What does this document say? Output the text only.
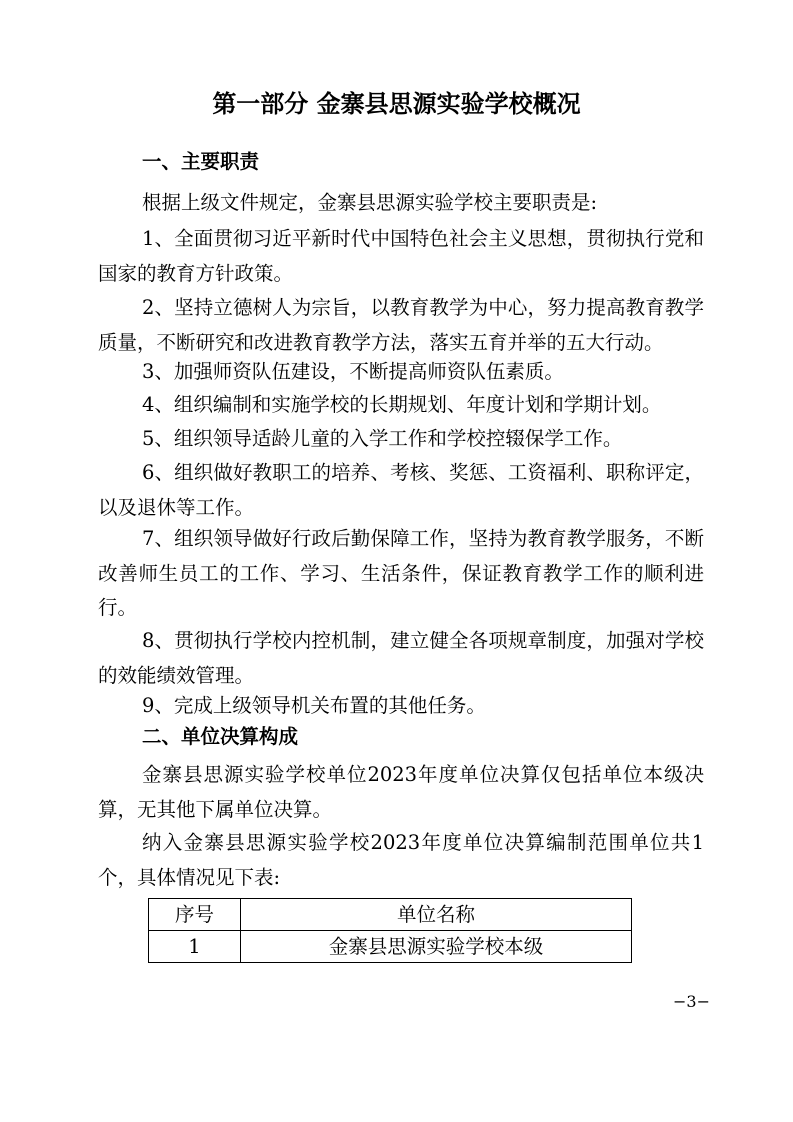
第一部分 金寨县思源实验学校概况
一、主要职责

根据上级文件规定，金寨县思源实验学校主要职责是:

1、全面贯彻习近平新时代中国特色社会主义思想，贯彻执行党和国家的教育方针政策。

2、坚持立德树人为宗旨，以教育教学为中心，努力提高教育教学质量，不断研究和改进教育教学方法，落实五育并举的五大行动。

3、加强师资队伍建设，不断提高师资队伍素质。

4、组织编制和实施学校的长期规划、年度计划和学期计划。

5、组织领导适龄儿童的入学工作和学校控辍保学工作。

6、组织做好教职工的培养、考核、奖惩、工资福利、职称评定，以及退休等工作。

7、组织领导做好行政后勤保障工作，坚持为教育教学服务，不断改善师生员工的工作、学习、生活条件，保证教育教学工作的顺利进行。

8、贯彻执行学校内控机制，建立健全各项规章制度，加强对学校的效能绩效管理。

9、完成上级领导机关布置的其他任务。

二、单位决算构成

金寨县思源实验学校单位2023年度单位决算仅包括单位本级决算，无其他下属单位决算。

纳入金寨县思源实验学校2023年度单位决算编制范围单位共1个，具体情况见下表:

序号	单位名称
1	金寨县思源实验学校本级
−3−
